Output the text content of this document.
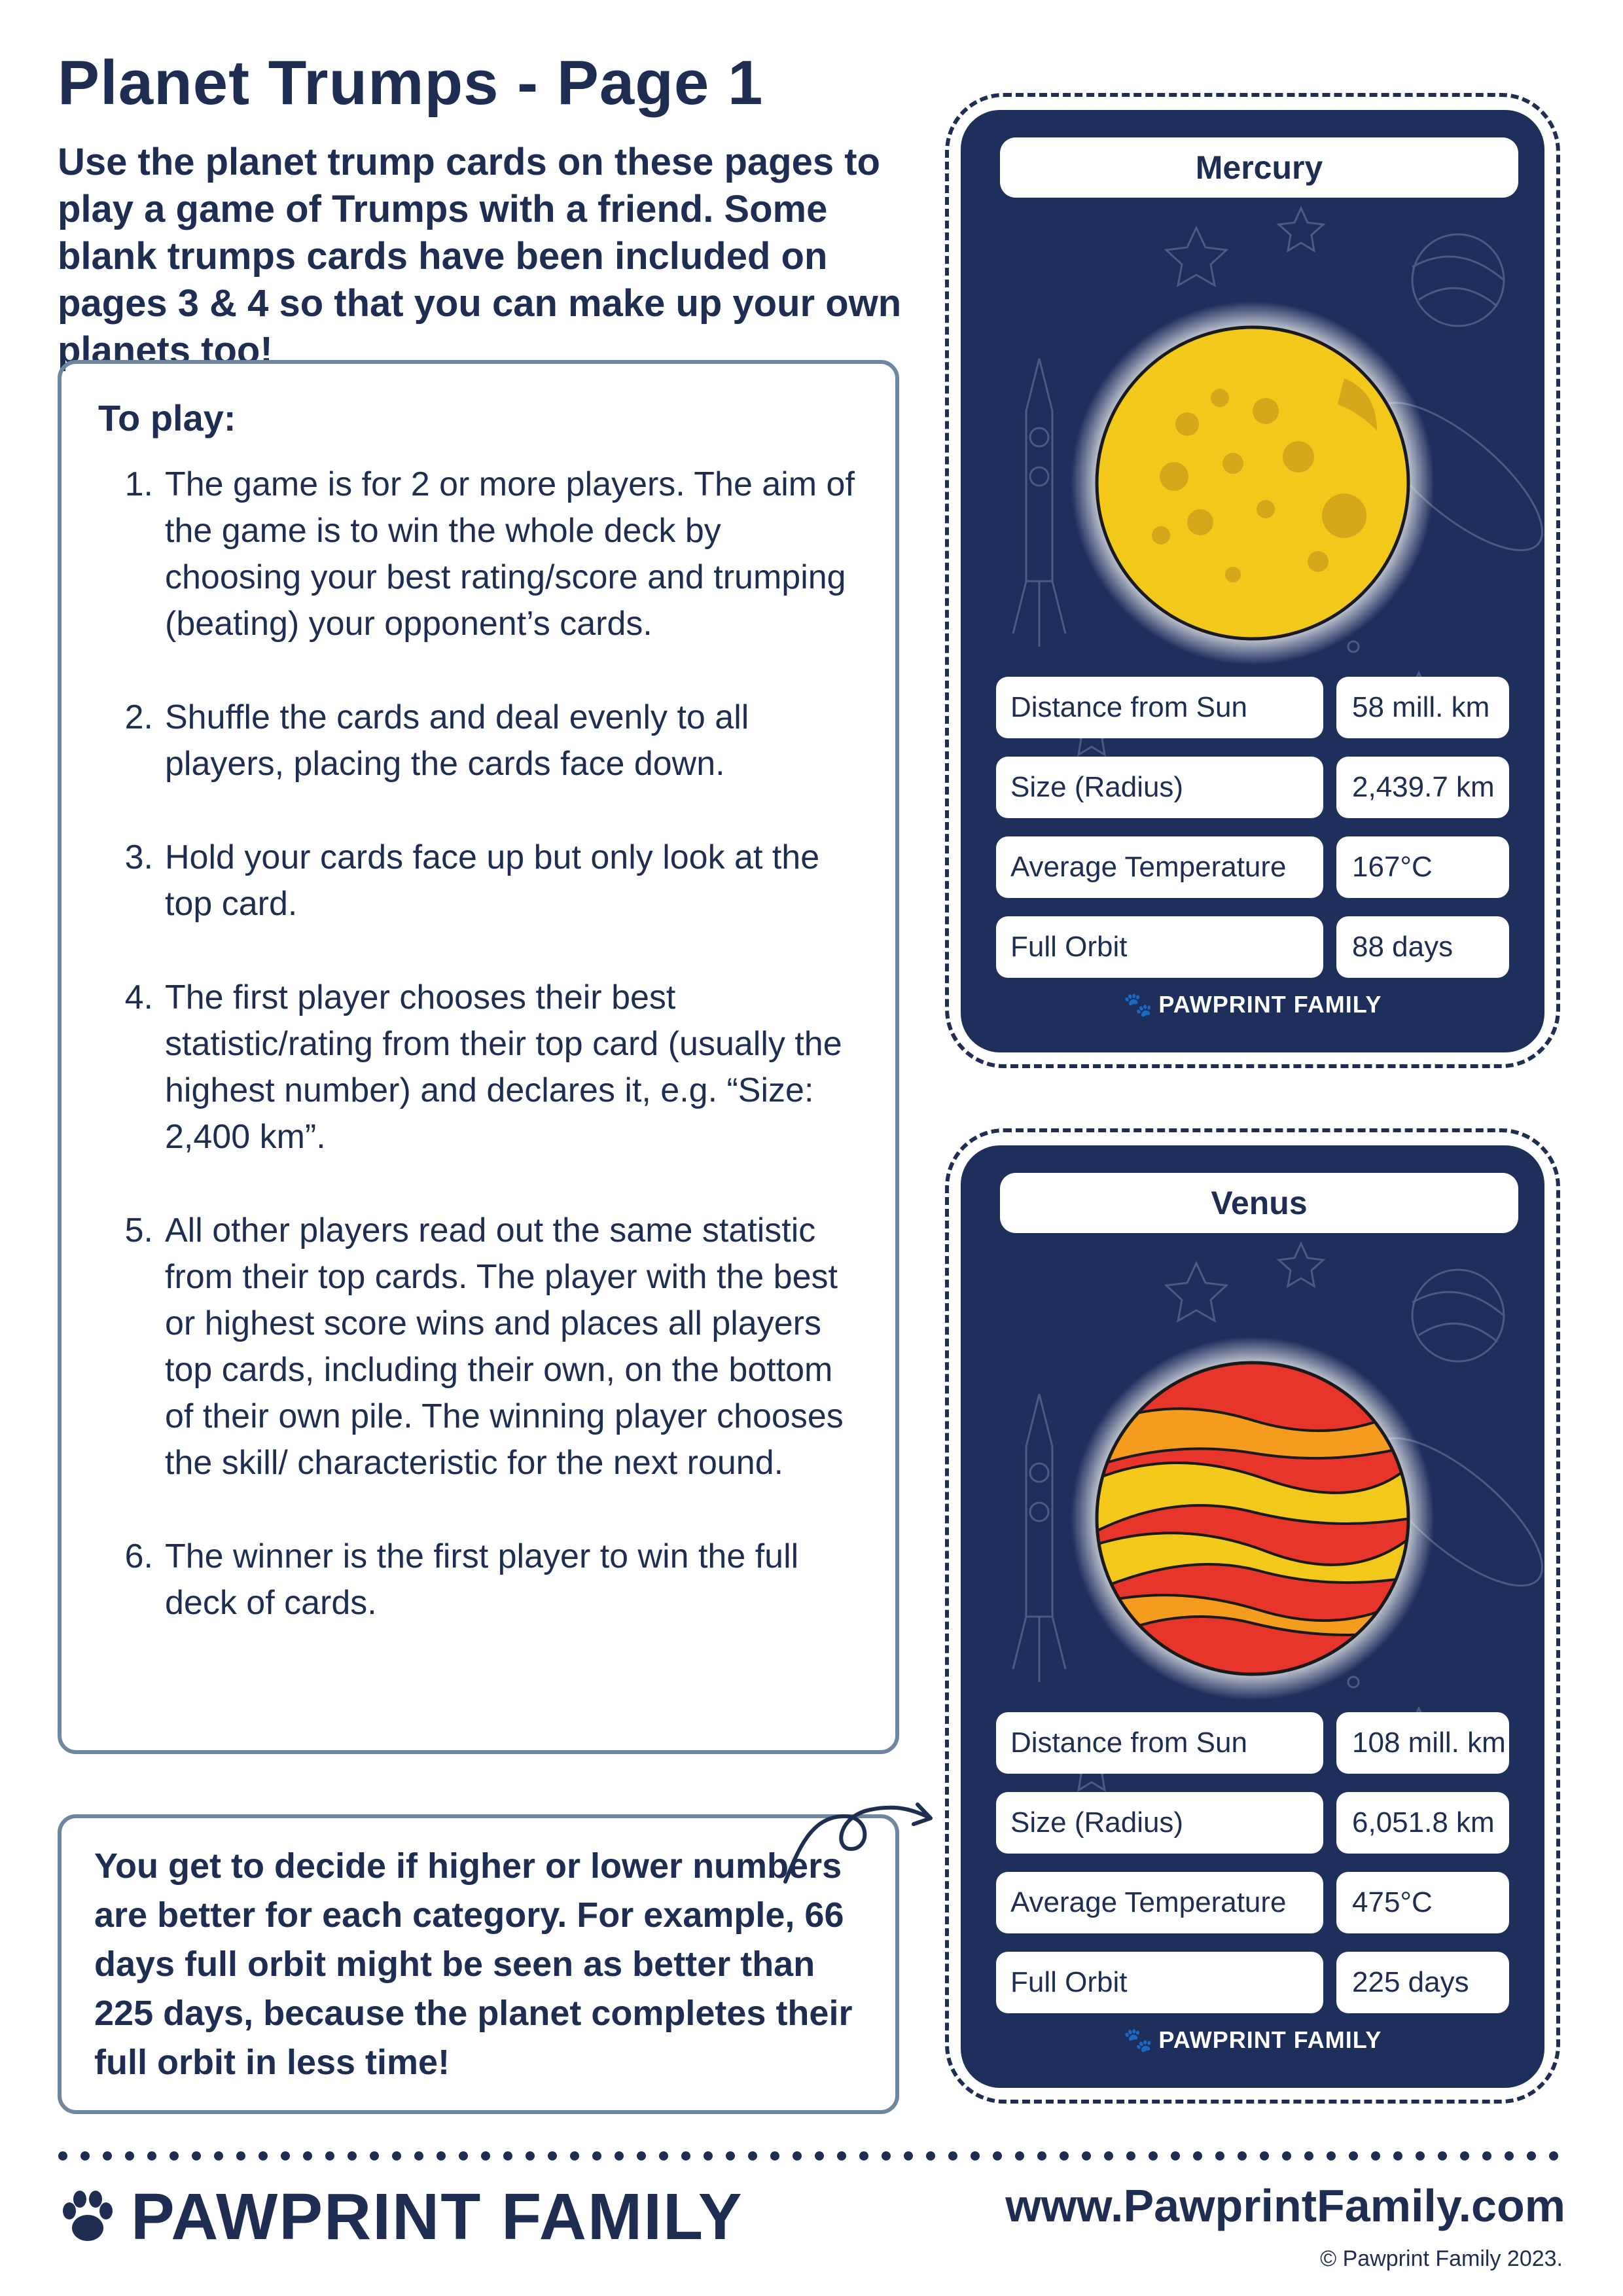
Planet Trumps - Page 1
Use the planet trump cards on these pages to play a game of Trumps with a friend. Some blank trumps cards have been included on pages 3 & 4 so that you can make up your own planets too!
To play:
1. The game is for 2 or more players. The aim of the game is to win the whole deck by choosing your best rating/score and trumping (beating) your opponent’s cards.
2. Shuffle the cards and deal evenly to all players, placing the cards face down.
3. Hold your cards face up but only look at the top card.
4. The first player chooses their best statistic/rating from their top card (usually the highest number) and declares it, e.g. “Size: 2,400 km”.
5. All other players read out the same statistic from their top cards. The player with the best or highest score wins and places all players top cards, including their own, on the bottom of their own pile. The winning player chooses the skill/ characteristic for the next round.
6. The winner is the first player to win the full deck of cards.
You get to decide if higher or lower numbers are better for each category. For example, 66 days full orbit might be seen as better than 225 days, because the planet completes their full orbit in less time!
Mercury
Distance from Sun	58 mill. km
Size (Radius)	2,439.7 km
Average Temperature	167°C
Full Orbit	88 days
🐾 PAWPRINT FAMILY
Venus
Distance from Sun	108 mill. km
Size (Radius)	6,051.8 km
Average Temperature	475°C
Full Orbit	225 days
🐾 PAWPRINT FAMILY
PAWPRINT FAMILY	www.PawprintFamily.com
© Pawprint Family 2023.
